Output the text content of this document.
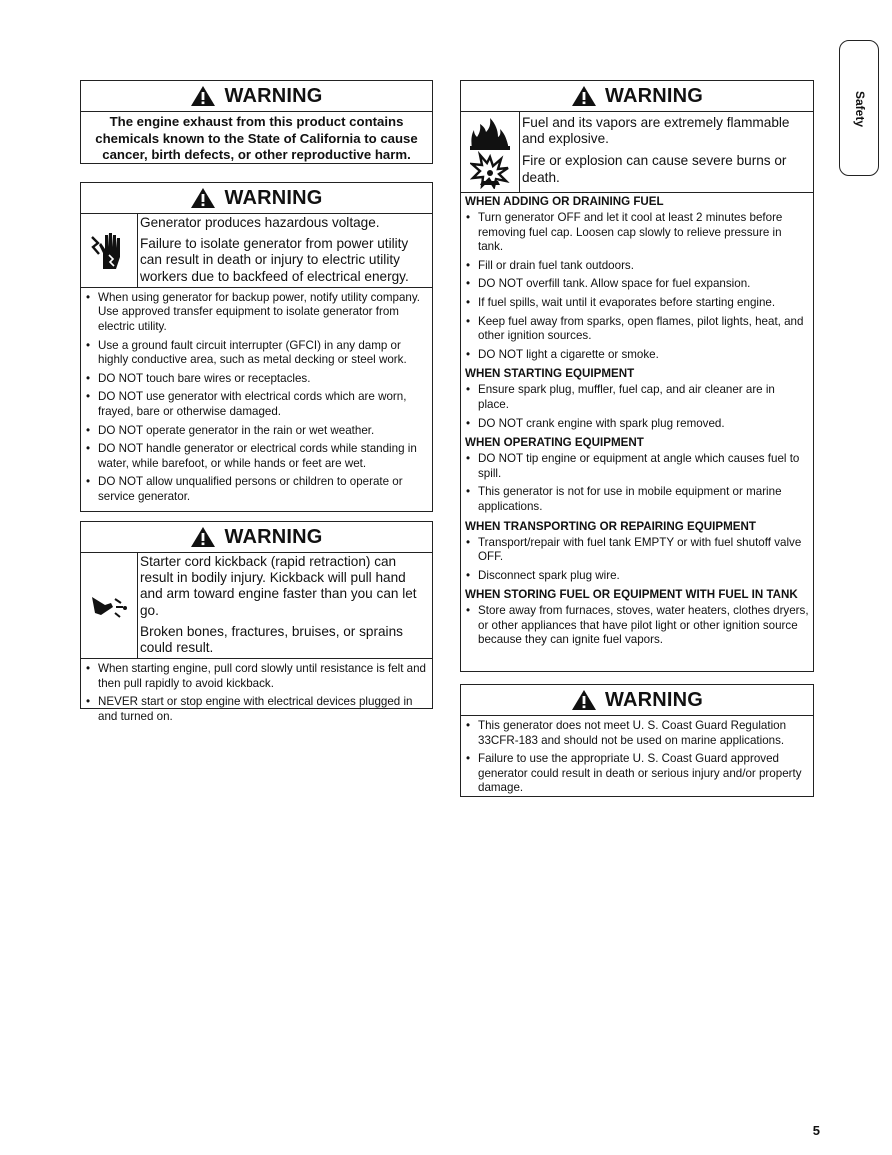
Safety
WARNING
The engine exhaust from this product contains
chemicals known to the State of California to cause
cancer, birth defects, or other reproductive harm.
WARNING

Generator produces hazardous voltage.

Failure to isolate generator from power utility can result in death or injury to electric utility workers due to backfeed of electrical energy.

• When using generator for backup power, notify utility company. Use approved transfer equipment to isolate generator from electric utility.
• Use a ground fault circuit interrupter (GFCI) in any damp or highly conductive area, such as metal decking or steel work.
• DO NOT touch bare wires or receptacles.
• DO NOT use generator with electrical cords which are worn, frayed, bare or otherwise damaged.
• DO NOT operate generator in the rain or wet weather.
• DO NOT handle generator or electrical cords while standing in water, while barefoot, or while hands or feet are wet.
• DO NOT allow unqualified persons or children to operate or service generator.
WARNING

Starter cord kickback (rapid retraction) can result in bodily injury. Kickback will pull hand and arm toward engine faster than you can let go.

Broken bones, fractures, bruises, or sprains could result.

• When starting engine, pull cord slowly until resistance is felt and then pull rapidly to avoid kickback.
• NEVER start or stop engine with electrical devices plugged in and turned on.
WARNING

Fuel and its vapors are extremely flammable and explosive.

Fire or explosion can cause severe burns or death.

WHEN ADDING OR DRAINING FUEL
• Turn generator OFF and let it cool at least 2 minutes before removing fuel cap. Loosen cap slowly to relieve pressure in tank.
• Fill or drain fuel tank outdoors.
• DO NOT overfill tank. Allow space for fuel expansion.
• If fuel spills, wait until it evaporates before starting engine.
• Keep fuel away from sparks, open flames, pilot lights, heat, and other ignition sources.
• DO NOT light a cigarette or smoke.
WHEN STARTING EQUIPMENT
• Ensure spark plug, muffler, fuel cap, and air cleaner are in place.
• DO NOT crank engine with spark plug removed.
WHEN OPERATING EQUIPMENT
• DO NOT tip engine or equipment at angle which causes fuel to spill.
• This generator is not for use in mobile equipment or marine applications.
WHEN TRANSPORTING OR REPAIRING EQUIPMENT
• Transport/repair with fuel tank EMPTY or with fuel shutoff valve OFF.
• Disconnect spark plug wire.
WHEN STORING FUEL OR EQUIPMENT WITH FUEL IN TANK
• Store away from furnaces, stoves, water heaters, clothes dryers, or other appliances that have pilot light or other ignition source because they can ignite fuel vapors.
WARNING
• This generator does not meet U. S. Coast Guard Regulation 33CFR-183 and should not be used on marine applications.
• Failure to use the appropriate U. S. Coast Guard approved generator could result in death or serious injury and/or property damage.
5
